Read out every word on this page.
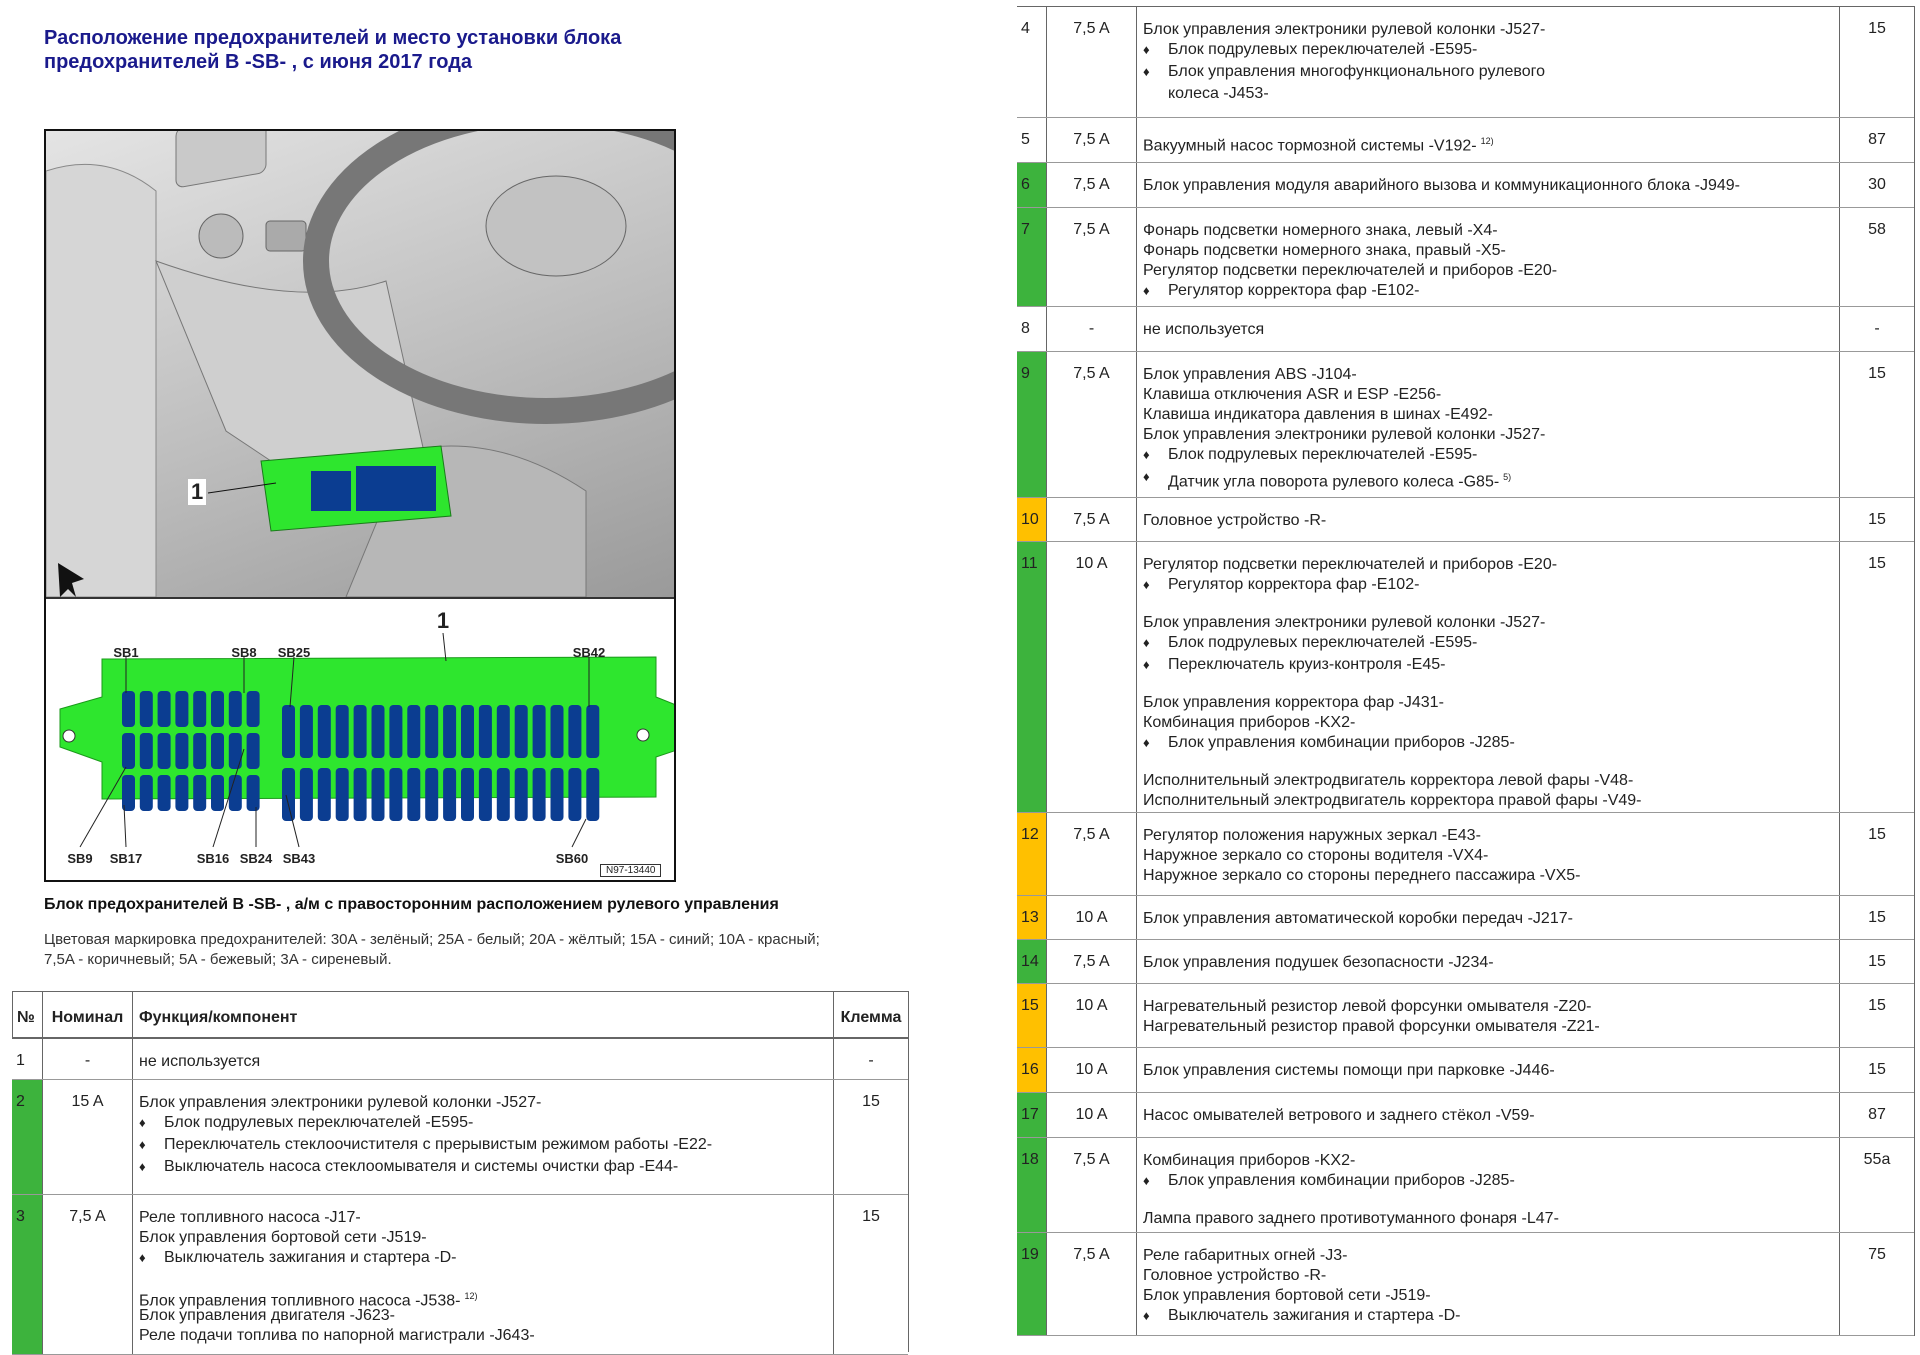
Расположение предохранителей и место установки блока
предохранителей B -SB- , с июня 2017 года
1
1
SB1	SB8 SB25	SB42
SB9 SB17	SB16 SB24 SB43	SB60
N97-13440
Блок предохранителей B -SB- , а/м с правосторонним расположением рулевого управления
Цветовая маркировка предохранителей: 30A - зелёный; 25A - белый; 20A - жёлтый; 15A - синий; 10A - красный; 7,5A - коричневый; 5A - бежевый; 3A - сиреневый.
№	Номинал Функция/компонент	Клемма
1	-	не используется	-
2	15 A	Блок управления электроники рулевой колонки -J527-
♦ Блок подрулевых переключателей -E595-
♦ Переключатель стеклоочистителя с прерывистым режимом работы -E22-
♦ Выключатель насоса стеклоомывателя и системы очистки фар -E44-
15
3	7,5 A	Реле топливного насоса -J17-
Блок управления бортовой сети -J519-
♦ Выключатель зажигания и стартера -D-
Блок управления топливного насоса -J538- $^{12)}$
Блок управления двигателя -J623-
Реле подачи топлива по напорной магистрали -J643-
15
4	7,5 A	Блок управления электроники рулевой колонки -J527-
♦ Блок подрулевых переключателей -E595-
♦ Блок управления многофункционального рулевого
колеса -J453-
15
5	7,5 A	Вакуумный насос тормозной системы -V192- $^{12)}$	87
6	7,5 A	Блок управления модуля аварийного вызова и коммуникационного блока -J949-	30
7	7,5 A	Фонарь подсветки номерного знака, левый -X4-
Фонарь подсветки номерного знака, правый -X5-
Регулятор подсветки переключателей и приборов -E20-
♦ Регулятор корректора фар -E102-
58
8	-	не используется	-
9	7,5 A	Блок управления ABS -J104-
Клавиша отключения ASR и ESP -E256-
Клавиша индикатора давления в шинах -E492-
Блок управления электроники рулевой колонки -J527-
♦ Блок подрулевых переключателей -E595-
♦ Датчик угла поворота рулевого колеса -G85- $^{5)}$
15
10	7,5 A	Головное устройство -R-	15
11	10 A	Регулятор подсветки переключателей и приборов -E20-
♦ Регулятор корректора фар -E102-
Блок управления электроники рулевой колонки -J527-
♦ Блок подрулевых переключателей -E595-
♦ Переключатель круиз-контроля -E45-
Блок управления корректора фар -J431-
Комбинация приборов -KX2-
♦ Блок управления комбинации приборов -J285-
Исполнительный электродвигатель корректора левой фары -V48-
Исполнительный электродвигатель корректора правой фары -V49-
15
12	7,5 A	Регулятор положения наружных зеркал -E43-
Наружное зеркало со стороны водителя -VX4-
Наружное зеркало со стороны переднего пассажира -VX5-
15
13	10 A	Блок управления автоматической коробки передач -J217-	15
14	7,5 A	Блок управления подушек безопасности -J234-	15
15	10 A	Нагревательный резистор левой форсунки омывателя -Z20-
Нагревательный резистор правой форсунки омывателя -Z21-
15
16	10 A	Блок управления системы помощи при парковке -J446-	15
17	10 A	Насос омывателей ветрового и заднего стёкол -V59-	87
18	7,5 A	Комбинация приборов -KX2-
♦ Блок управления комбинации приборов -J285-
Лампа правого заднего противотуманного фонаря -L47-
55a
19	7,5 A	Реле габаритных огней -J3-
Головное устройство -R-
Блок управления бортовой сети -J519-
♦ Выключатель зажигания и стартера -D-
75
